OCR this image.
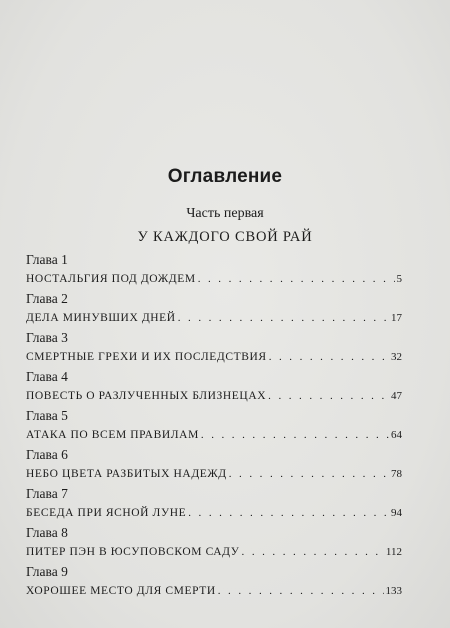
Оглавление
Часть первая
У КАЖДОГО СВОЙ РАЙ
Глава 1
НОСТАЛЬГИЯ ПОД ДОЖДЕМ . . .	5
Глава 2
ДЕЛА МИНУВШИХ ДНЕЙ . . .	17
Глава 3
СМЕРТНЫЕ ГРЕХИ И ИХ ПОСЛЕДСТВИЯ . . .	32
Глава 4
ПОВЕСТЬ О РАЗЛУЧЕННЫХ БЛИЗНЕЦАХ . . .	47
Глава 5
АТАКА ПО ВСЕМ ПРАВИЛАМ . . .	64
Глава 6
НЕБО ЦВЕТА РАЗБИТЫХ НАДЕЖД . . .	78
Глава 7
БЕСЕДА ПРИ ЯСНОЙ ЛУНЕ . . .	94
Глава 8
ПИТЕР ПЭН В ЮСУПОВСКОМ САДУ . . .	112
Глава 9
ХОРОШЕЕ МЕСТО ДЛЯ СМЕРТИ . . .	133
